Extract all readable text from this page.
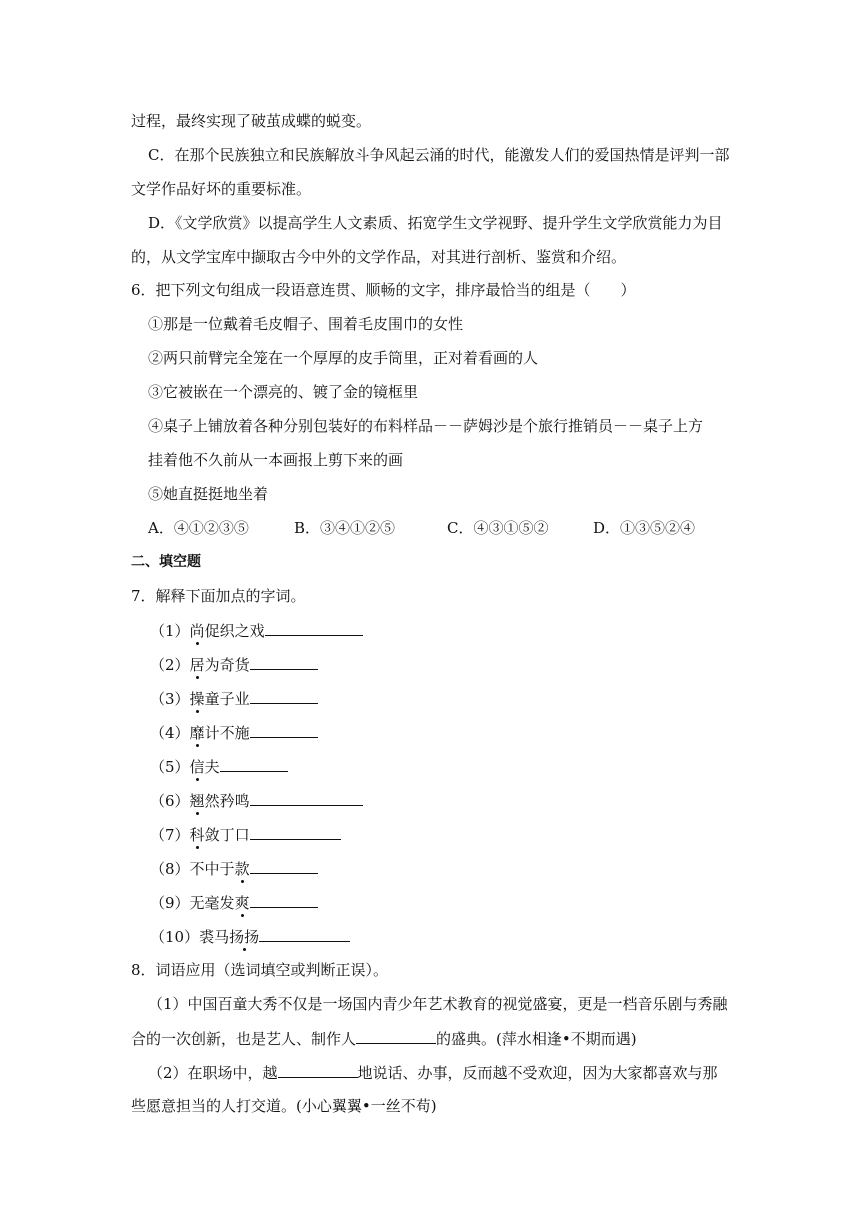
过程，最终实现了破茧成蝶的蜕变。
C．在那个民族独立和民族解放斗争风起云涌的时代，能激发人们的爱国热情是评判一部
文学作品好坏的重要标准。
D．《文学欣赏》以提高学生人文素质、拓宽学生文学视野、提升学生文学欣赏能力为目
的，从文学宝库中撷取古今中外的文学作品，对其进行剖析、鉴赏和介绍。
6．把下列文句组成一段语意连贯、顺畅的文字，排序最恰当的组是（　　）
①那是一位戴着毛皮帽子、围着毛皮围巾的女性
②两只前臂完全笼在一个厚厚的皮手筒里，正对着看画的人
③它被嵌在一个漂亮的、镀了金的镜框里
④桌子上铺放着各种分别包装好的布料样品－－萨姆沙是个旅行推销员－－桌子上方
挂着他不久前从一本画报上剪下来的画
⑤她直挺挺地坐着
A．④①②③⑤	B．③④①②⑤	C．④③①⑤②	D．①③⑤②④
二、填空题
7．解释下面加点的字词。
（1）尚促织之戏
（2）居为奇货
（3）操童子业
（4）靡计不施
（5）信夫
（6）翘然矜鸣
（7）科敛丁口
（8）不中于款
（9）无毫发爽
（10）裘马扬扬
8．词语应用（选词填空或判断正误）。
（1）中国百童大秀不仅是一场国内青少年艺术教育的视觉盛宴，更是一档音乐剧与秀融
合的一次创新，也是艺人、制作人	的盛典。(萍水相逢•不期而遇)
（2）在职场中，越	地说话、办事，反而越不受欢迎，因为大家都喜欢与那
些愿意担当的人打交道。(小心翼翼•一丝不苟)
